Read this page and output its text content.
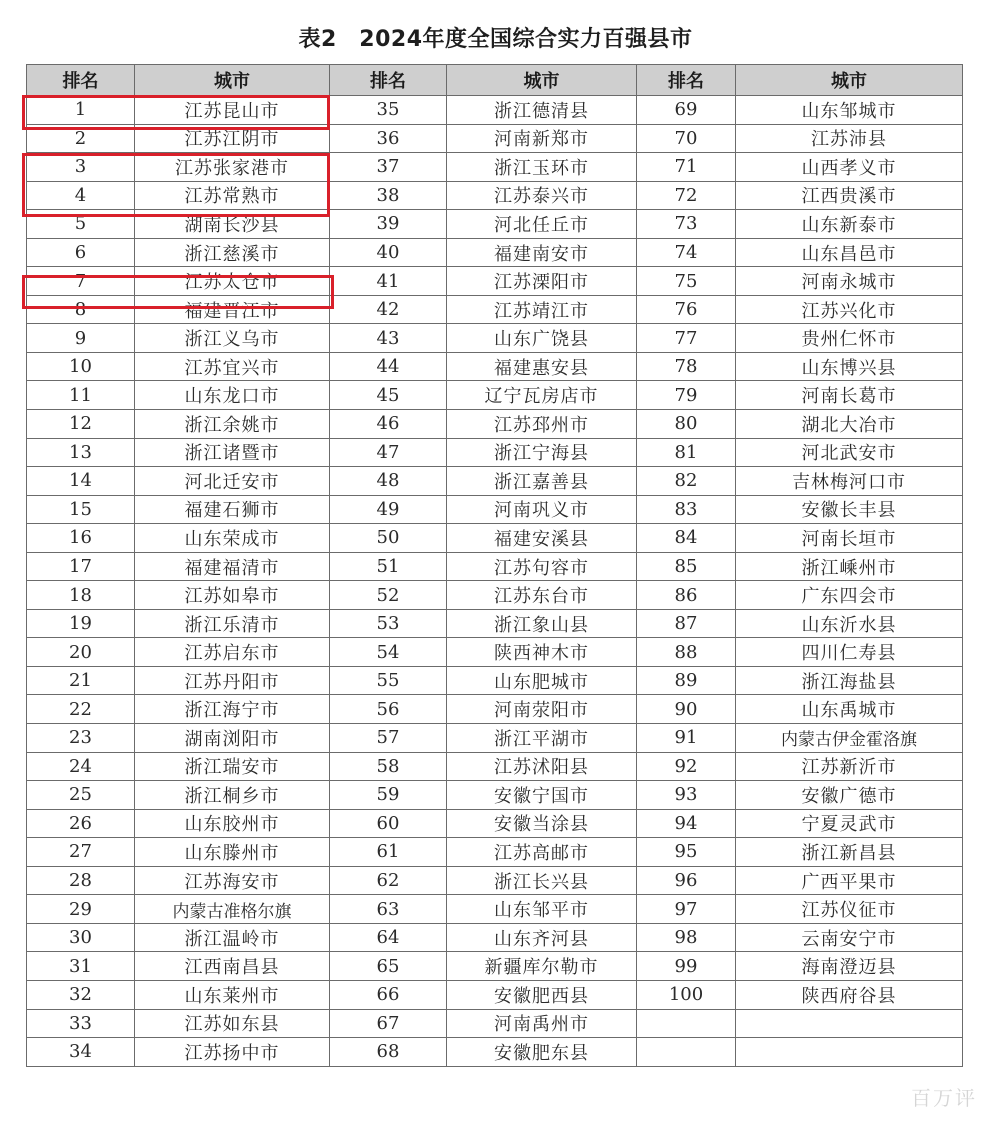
表2　2024年度全国综合实力百强县市
排名	城市	排名	城市	排名	城市
1	江苏昆山市	35	浙江德清县	69	山东邹城市
2	江苏江阴市	36	河南新郑市	70	江苏沛县
3	江苏张家港市	37	浙江玉环市	71	山西孝义市
4	江苏常熟市	38	江苏泰兴市	72	江西贵溪市
5	湖南长沙县	39	河北任丘市	73	山东新泰市
6	浙江慈溪市	40	福建南安市	74	山东昌邑市
7	江苏太仓市	41	江苏溧阳市	75	河南永城市
8	福建晋江市	42	江苏靖江市	76	江苏兴化市
9	浙江义乌市	43	山东广饶县	77	贵州仁怀市
10	江苏宜兴市	44	福建惠安县	78	山东博兴县
11	山东龙口市	45	辽宁瓦房店市	79	河南长葛市
12	浙江余姚市	46	江苏邳州市	80	湖北大冶市
13	浙江诸暨市	47	浙江宁海县	81	河北武安市
14	河北迁安市	48	浙江嘉善县	82	吉林梅河口市
15	福建石狮市	49	河南巩义市	83	安徽长丰县
16	山东荣成市	50	福建安溪县	84	河南长垣市
17	福建福清市	51	江苏句容市	85	浙江嵊州市
18	江苏如皋市	52	江苏东台市	86	广东四会市
19	浙江乐清市	53	浙江象山县	87	山东沂水县
20	江苏启东市	54	陕西神木市	88	四川仁寿县
21	江苏丹阳市	55	山东肥城市	89	浙江海盐县
22	浙江海宁市	56	河南荥阳市	90	山东禹城市
23	湖南浏阳市	57	浙江平湖市	91	内蒙古伊金霍洛旗
24	浙江瑞安市	58	江苏沭阳县	92	江苏新沂市
25	浙江桐乡市	59	安徽宁国市	93	安徽广德市
26	山东胶州市	60	安徽当涂县	94	宁夏灵武市
27	山东滕州市	61	江苏高邮市	95	浙江新昌县
28	江苏海安市	62	浙江长兴县	96	广西平果市
29	内蒙古准格尔旗	63	山东邹平市	97	江苏仪征市
30	浙江温岭市	64	山东齐河县	98	云南安宁市
31	江西南昌县	65	新疆库尔勒市	99	海南澄迈县
32	山东莱州市	66	安徽肥西县	100	陕西府谷县
33	江苏如东县	67	河南禹州市		
34	江苏扬中市	68	安徽肥东县		
百万评
